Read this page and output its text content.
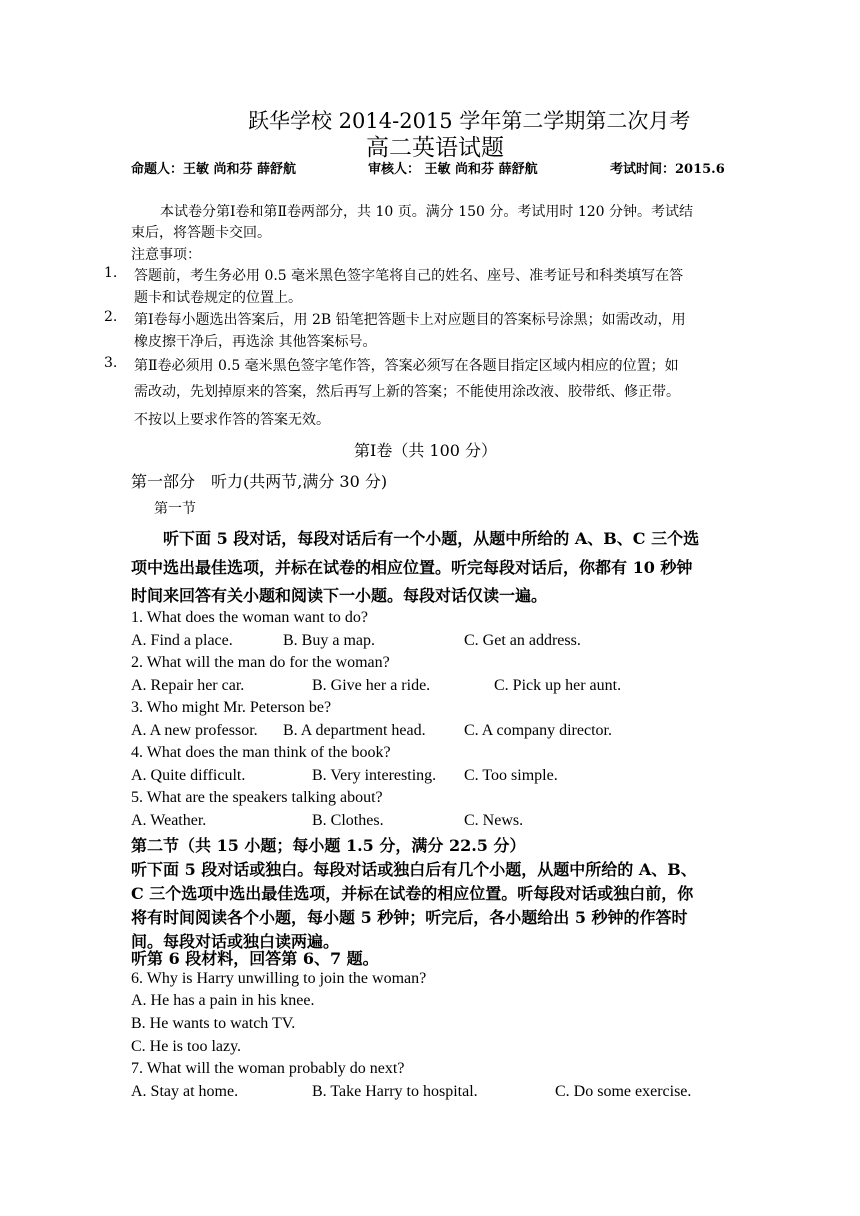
跃华学校 2014-2015 学年第二学期第二次月考
高二英语试题
命题人：王敏 尚和芬 薛舒航	审核人： 王敏 尚和芬 薛舒航	考试时间：2015.6
本试卷分第Ⅰ卷和第Ⅱ卷两部分，共 10 页。满分 150 分。考试用时 120 分钟。考试结
束后，将答题卡交回。
注意事项：
1. 答题前，考生务必用 0.5 毫米黑色签字笔将自己的姓名、座号、准考证号和科类填写在答
题卡和试卷规定的位置上。
2. 第Ⅰ卷每小题选出答案后，用 2B 铅笔把答题卡上对应题目的答案标号涂黑；如需改动，用
橡皮擦干净后，再选涂 其他答案标号。
3. 第Ⅱ卷必须用 0.5 毫米黑色签字笔作答，答案必须写在各题目指定区域内相应的位置；如
需改动，先划掉原来的答案，然后再写上新的答案；不能使用涂改液、胶带纸、修正带。
不按以上要求作答的答案无效。
第Ⅰ卷（共 100 分）
第一部分　听力(共两节,满分 30 分)
第一节
听下面 5 段对话，每段对话后有一个小题，从题中所给的 A、B、C 三个选
项中选出最佳选项，并标在试卷的相应位置。听完每段对话后，你都有 10 秒钟
时间来回答有关小题和阅读下一小题。每段对话仅读一遍。
1. What does the woman want to do?
A. Find a place.	B. Buy a map.	C. Get an address.
2. What will the man do for the woman?
A. Repair her car.	B. Give her a ride.	C. Pick up her aunt.
3. Who might Mr. Peterson be?
A. A new professor. B. A department head. C. A company director.
4. What does the man think of the book?
A. Quite difficult.	B. Very interesting. C. Too simple.
5. What are the speakers talking about?
A. Weather.	B. Clothes.	C. News.
第二节（共 15 小题；每小题 1.5 分，满分 22.5 分）
听下面 5 段对话或独白。每段对话或独白后有几个小题，从题中所给的 A、B、
C 三个选项中选出最佳选项，并标在试卷的相应位置。听每段对话或独白前，你
将有时间阅读各个小题，每小题 5 秒钟；听完后，各小题给出 5 秒钟的作答时
间。每段对话或独白读两遍。
听第 6 段材料，回答第 6、7 题。
6. Why is Harry unwilling to join the woman?
A. He has a pain in his knee.
B. He wants to watch TV.
C. He is too lazy.
7. What will the woman probably do next?
A. Stay at home.	B. Take Harry to hospital.	C. Do some exercise.
